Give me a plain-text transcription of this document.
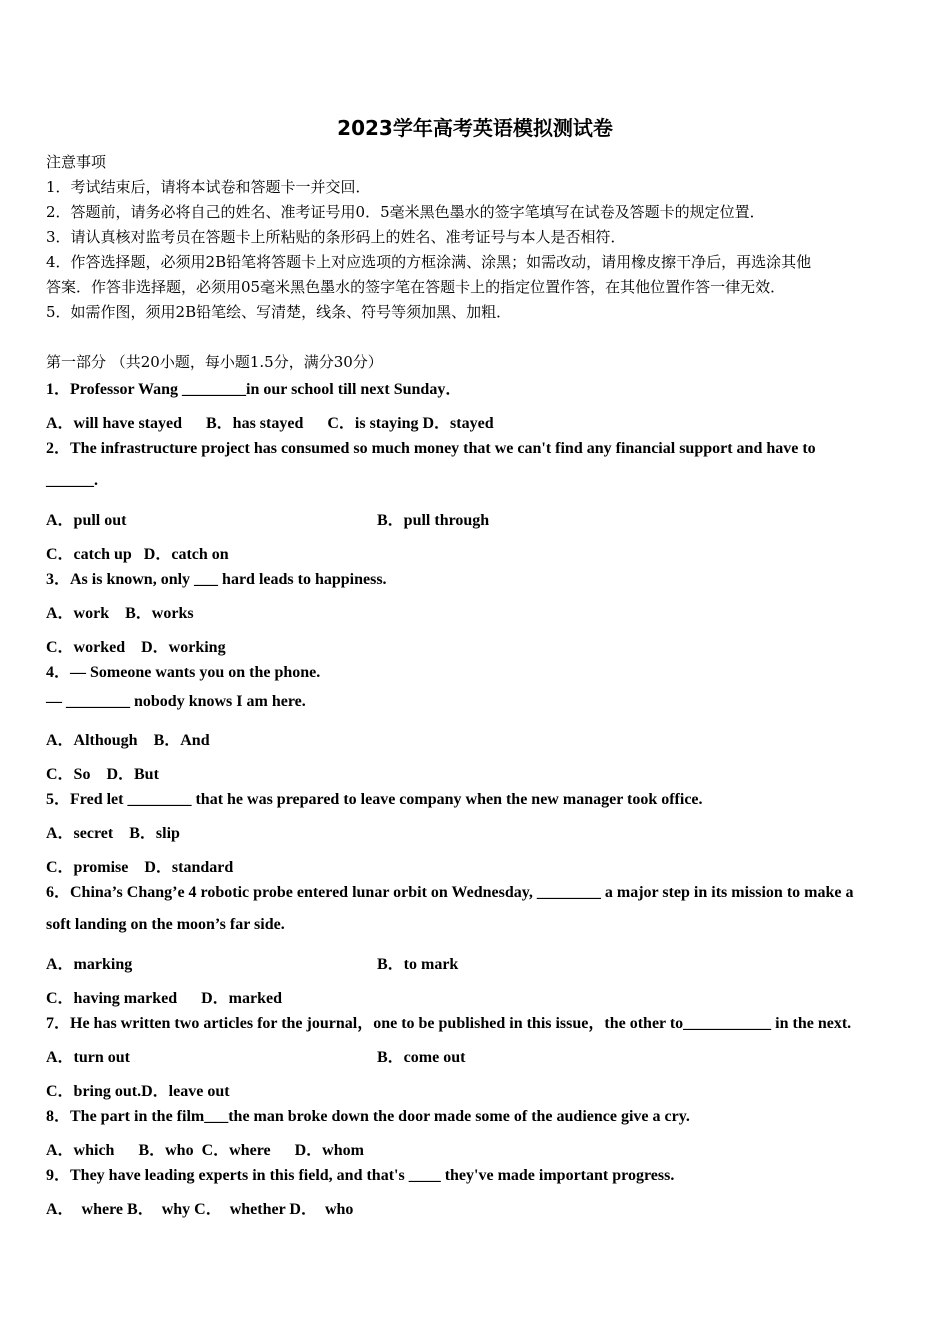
2023学年高考英语模拟测试卷
注意事项
1．考试结束后，请将本试卷和答题卡一并交回．
2．答题前，请务必将自己的姓名、准考证号用0．5毫米黑色墨水的签字笔填写在试卷及答题卡的规定位置．
3．请认真核对监考员在答题卡上所粘贴的条形码上的姓名、准考证号与本人是否相符．
4．作答选择题，必须用2B铅笔将答题卡上对应选项的方框涂满、涂黑；如需改动，请用橡皮擦干净后，再选涂其他
答案．作答非选择题，必须用05毫米黑色墨水的签字笔在答题卡上的指定位置作答，在其他位置作答一律无效．
5．如需作图，须用2B铅笔绘、写清楚，线条、符号等须加黑、加粗．
第一部分 （共20小题，每小题1.5分，满分30分）
1．Professor Wang ________in our school till next Sunday．
A．will have stayed      B．has stayed      C．is staying D．stayed
2．The infrastructure project has consumed so much money that we can't find any financial support and have to
______.
A．pull out	B．pull through
C．catch up   D．catch on
3．As is known, only ___ hard leads to happiness.
A．work    B．works
C．worked    D．working
4．— Someone wants you on the phone.
— ________ nobody knows I am here.
A．Although    B．And
C．So    D．But
5．Fred let ________ that he was prepared to leave company when the new manager took office.
A．secret    B．slip
C．promise    D．standard
6．China’s Chang’e 4 robotic probe entered lunar orbit on Wednesday, ________ a major step in its mission to make a
soft landing on the moon’s far side.
A．marking	B．to mark
C．having marked      D．marked
7．He has written two articles for the journal，one to be published in this issue，the other to___________ in the next.
A．turn out	B．come out
C．bring out.D．leave out
8．The part in the film___the man broke down the door made some of the audience give a cry.
A．which      B．who  C．where      D．whom
9．They have leading experts in this field, and that's ____ they've made important progress.
A．  where B．  why C．  whether D．  who
